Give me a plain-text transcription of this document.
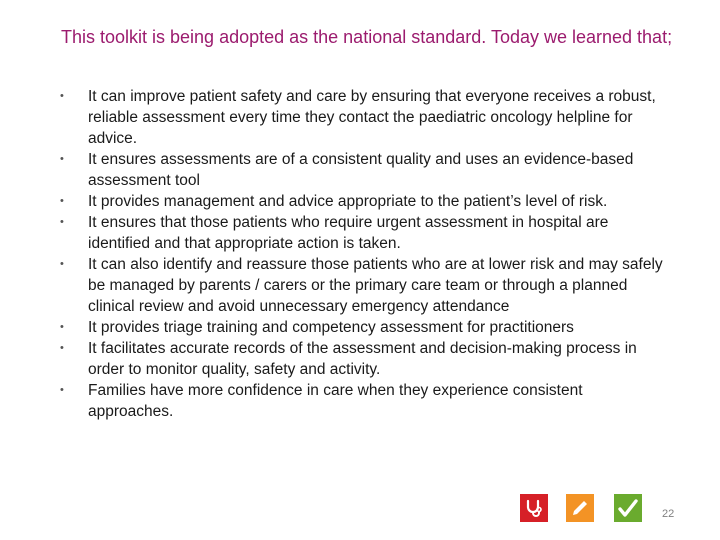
This toolkit is being adopted as the national standard. Today we learned that;
•	It can improve patient safety and care by ensuring that everyone receives a robust, reliable assessment every time they contact the paediatric oncology helpline for advice.
•	It ensures assessments are of a consistent quality and uses an evidence-based assessment tool
•	It provides management and advice appropriate to the patient’s level of risk.
•	It ensures that those patients who require urgent assessment in hospital are identified and that appropriate action is taken.
•	It can also identify and reassure those patients who are at lower risk and may safely be managed by parents / carers or the primary care team or through a planned clinical review and avoid unnecessary emergency attendance
•	It provides triage training and competency assessment for practitioners
•	It facilitates accurate records of the assessment and decision-making process in order to monitor quality, safety and activity.
•	Families have more confidence in care when they experience consistent approaches.
22
